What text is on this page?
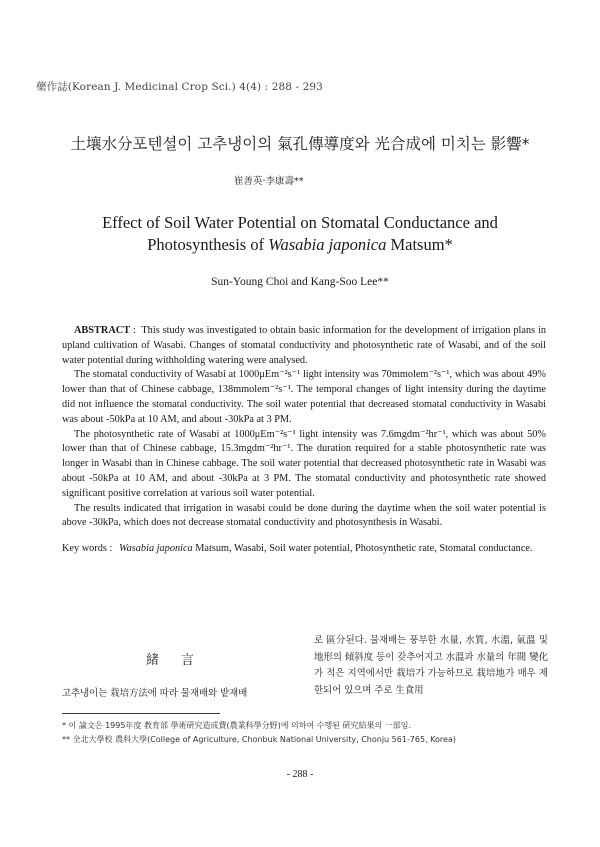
藥作誌(Korean J. Medicinal Crop Sci.) 4(4) : 288 - 293
土壤水分포텐셜이 고추냉이의 氣孔傳導度와 光合成에 미치는 影響*
崔善英·李康壽**
Effect of Soil Water Potential on Stomatal Conductance and
Photosynthesis of Wasabia japonica Matsum*
Sun-Young Choi and Kang-Soo Lee**

ABSTRACT :  This study was investigated to obtain basic information for the development of irrigation plans in upland cultivation of Wasabi. Changes of stomatal conductivity and photosynthetic rate of Wasabi, and of the soil water potential during withholding watering were analysed.

The stomatal conductivity of Wasabi at 1000μEm⁻²s⁻¹ light intensity was 70mmolem⁻²s⁻¹, which was about 49% lower than that of Chinese cabbage, 138mmolem⁻²s⁻¹. The temporal changes of light intensity during the daytime did not influence the stomatal conductivity. The soil water potential that decreased stomatal conductivity in Wasabi was about -50kPa at 10 AM, and about -30kPa at 3 PM.

The photosynthetic rate of Wasabi at 1000μEm⁻²s⁻¹ light intensity was 7.6mgdm⁻²hr⁻¹, which was about 50% lower than that of Chinese cabbage, 15.3mgdm⁻²hr⁻¹. The duration required for a stable photosynthetic rate was longer in Wasabi than in Chinese cabbage. The soil water potential that decreased photosynthetic rate in Wasabi was about -50kPa at 10 AM, and about -30kPa at 3 PM. The stomatal conductivity and photosynthetic rate showed significant positive correlation at various soil water potential.

The results indicated that irrigation in wasabi could be done during the daytime when the soil water potential is above -30kPa, which does not decrease stomatal conductivity and photosynthesis in Wasabi.

Key words : Wasabia japonica Matsum, Wasabi, Soil water potential, Photosynthetic rate, Stomatal conductance.
緒言
고추냉이는 栽培方法에 따라 물재배와 밭재배
로 區分된다. 물재배는 풍부한 水量, 水質, 水溫, 氣溫 및 地形의 傾斜度 등이 갖추어지고 水溫과 水量의 年間 變化가 적은 지역에서만 栽培가 가능하므로 栽培地가 매우 제한되어 있으며 주로 生食用
* 이 論文은 1995年度 教育部 學術硏究造成費(農業科學分野)에 의하여 수행된 硏究結果의 一部임.
** 全北大學校 農科大學(College of Agriculture, Chonbuk National University, Chonju 561-765, Korea)
- 288 -
